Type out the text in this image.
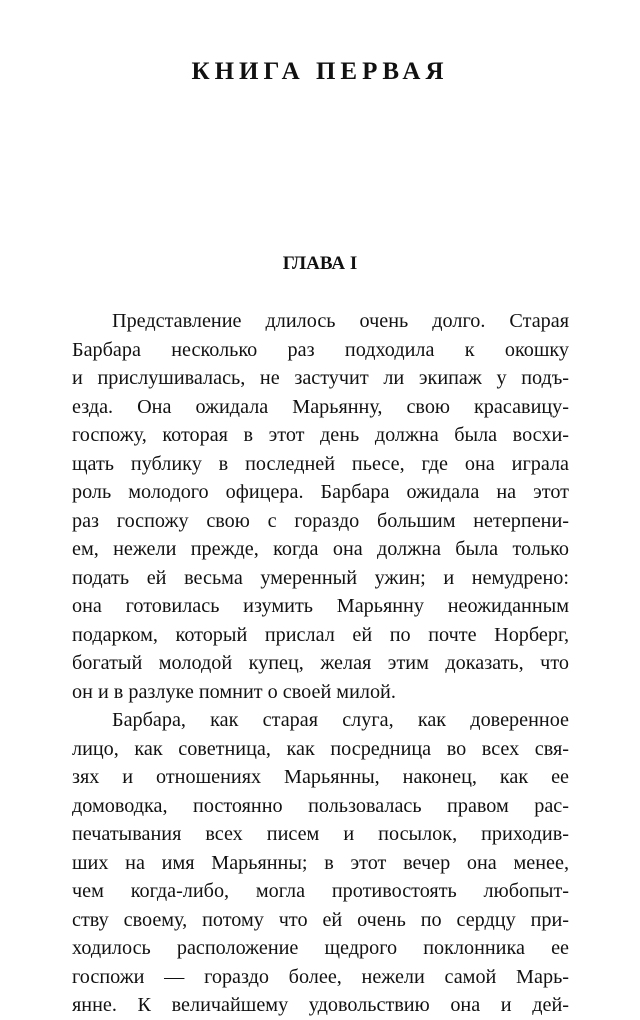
КНИГА ПЕРВАЯ
ГЛАВА I
Представление длилось очень долго. Старая
Барбара несколько раз подходила к окошку
и прислушивалась, не застучит ли экипаж у подъ-
езда. Она ожидала Марьянну, свою красавицу-
госпожу, которая в этот день должна была восхи-
щать публику в последней пьесе, где она играла
роль молодого офицера. Барбара ожидала на этот
раз госпожу свою с гораздо большим нетерпени-
ем, нежели прежде, когда она должна была только
подать ей весьма умеренный ужин; и немудрено:
она готовилась изумить Марьянну неожиданным
подарком, который прислал ей по почте Норберг,
богатый молодой купец, желая этим доказать, что
он и в разлуке помнит о своей милой.
Барбара, как старая слуга, как доверенное
лицо, как советница, как посредница во всех свя-
зях и отношениях Марьянны, наконец, как ее
домоводка, постоянно пользовалась правом рас-
печатывания всех писем и посылок, приходив-
ших на имя Марьянны; в этот вечер она менее,
чем когда-либо, могла противостоять любопыт-
ству своему, потому что ей очень по сердцу при-
ходилось расположение щедрого поклонника ее
госпожи — гораздо более, нежели самой Марь-
янне. К величайшему удовольствию она и дей-
